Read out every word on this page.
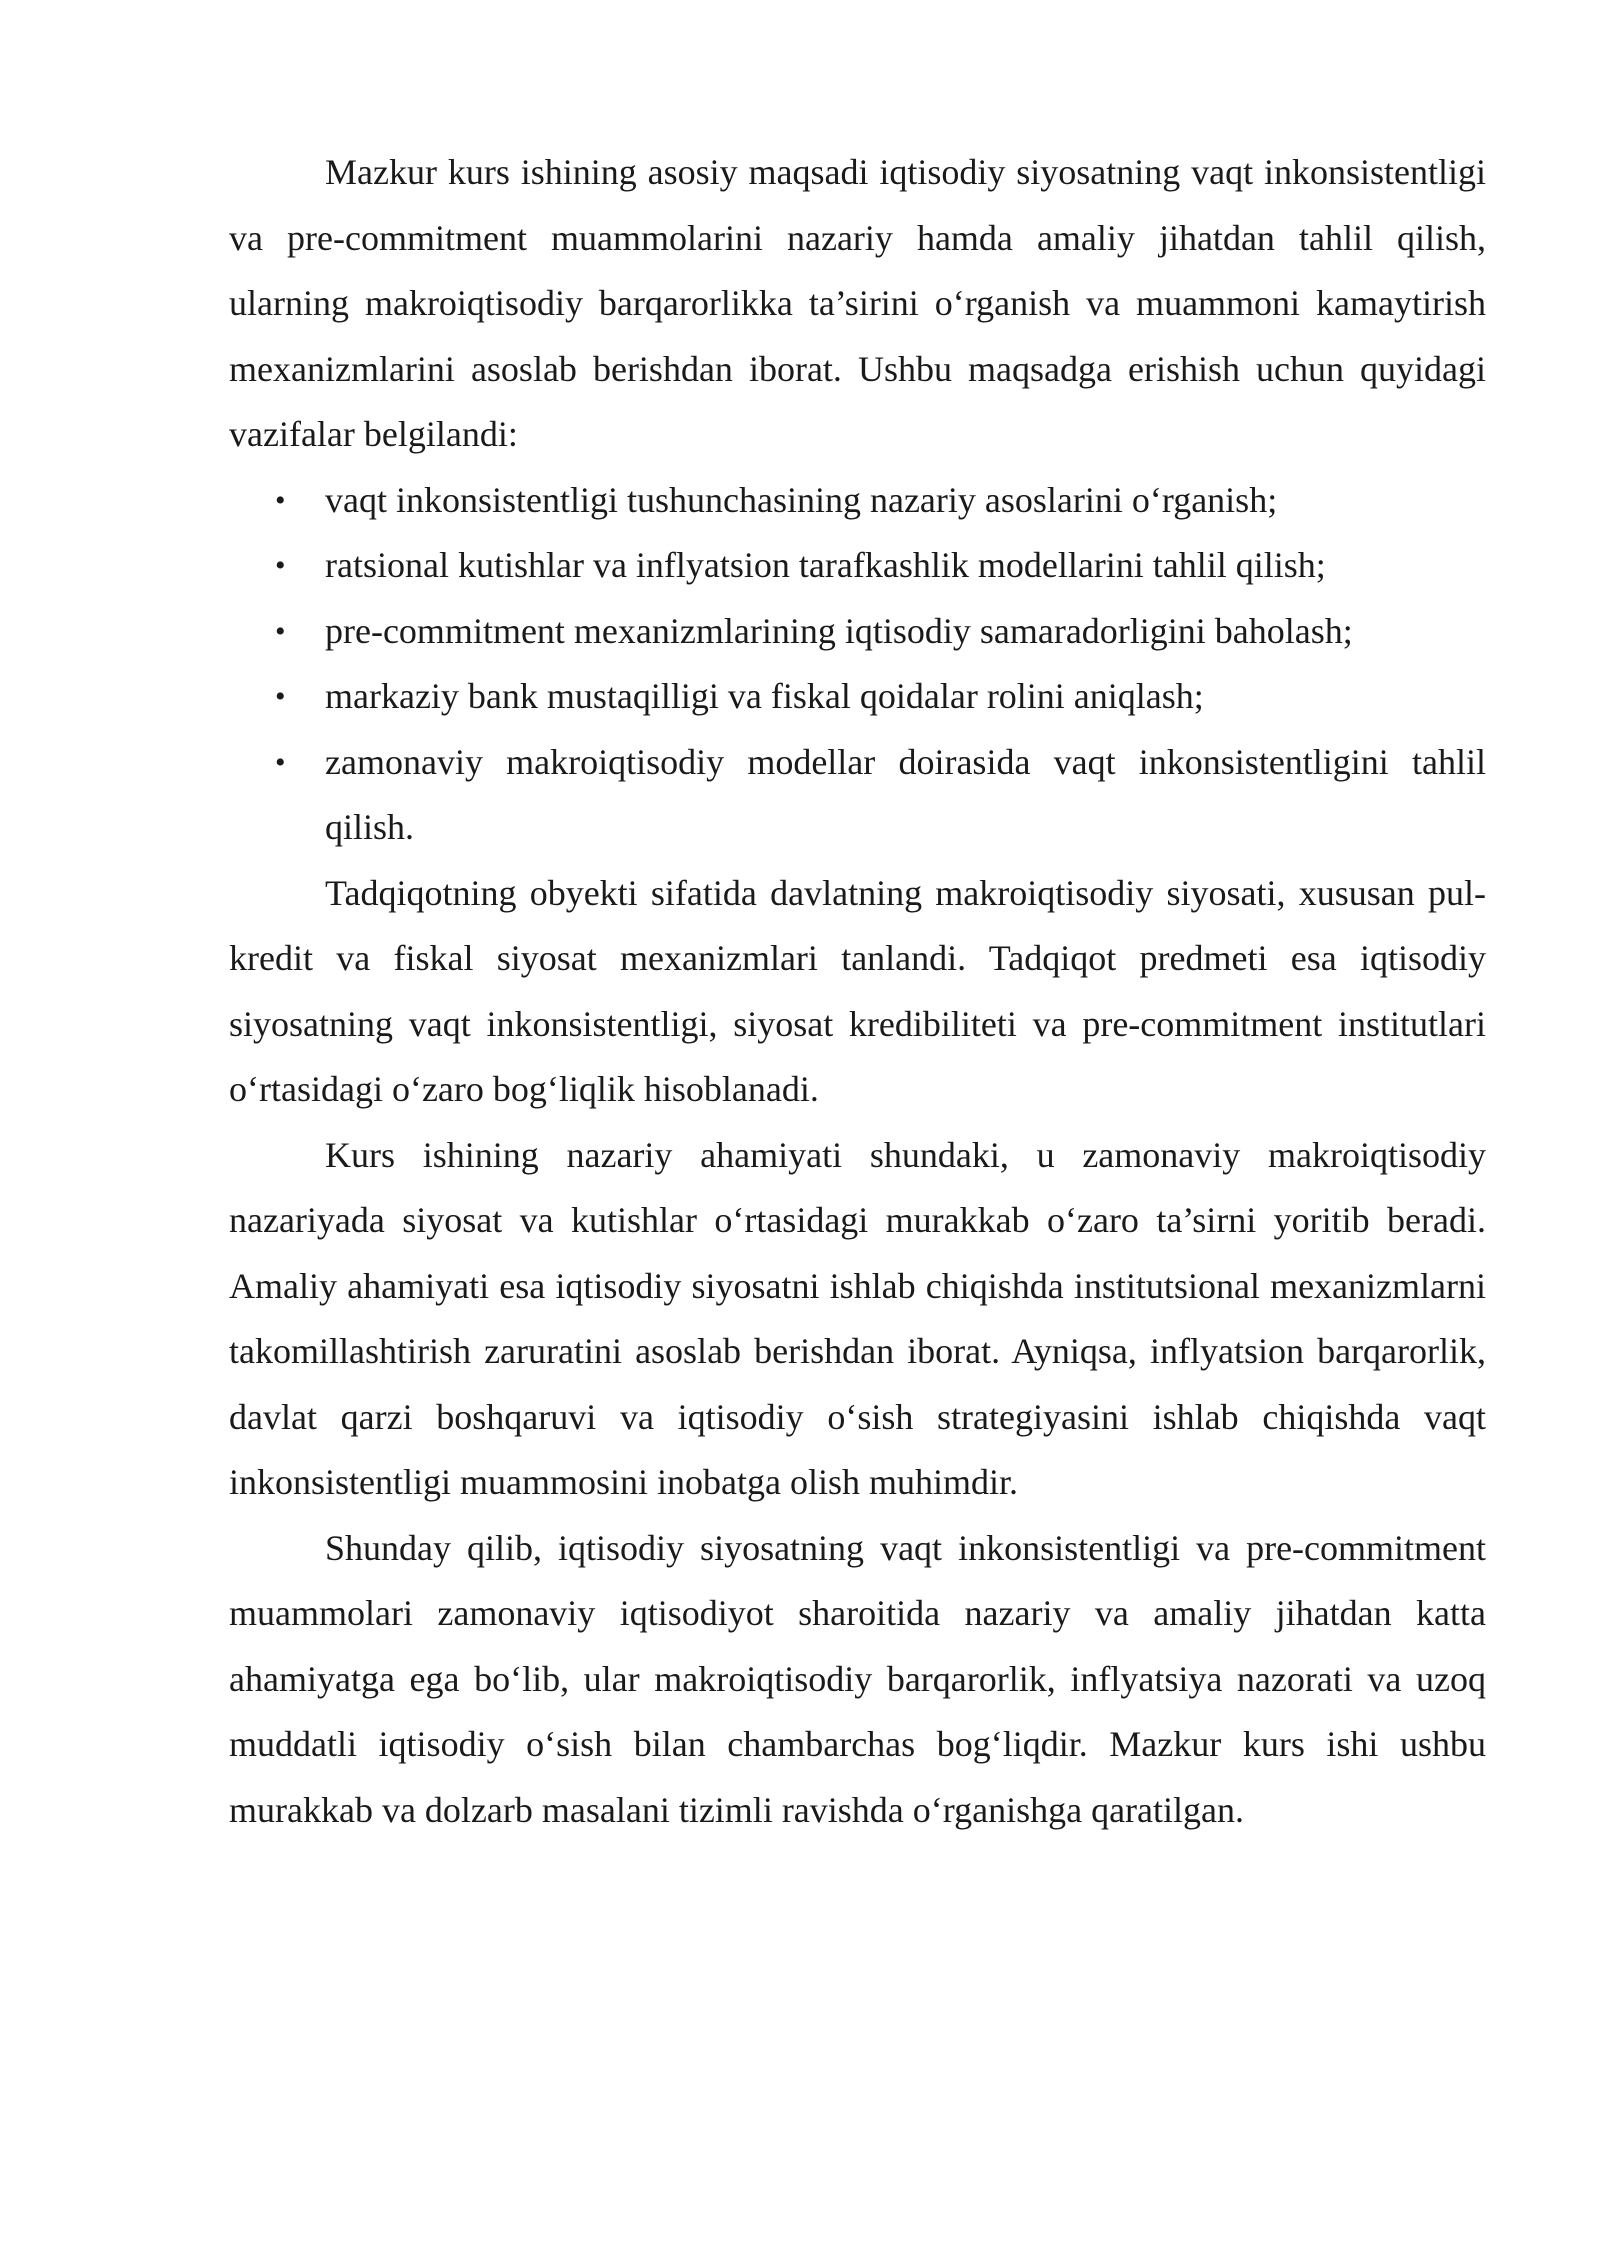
Mazkur kurs ishining asosiy maqsadi iqtisodiy siyosatning vaqt inkonsistentligi va pre-commitment muammolarini nazariy hamda amaliy jihatdan tahlil qilish, ularning makroiqtisodiy barqarorlikka ta’sirini o‘rganish va muammoni kamaytirish mexanizmlarini asoslab berishdan iborat. Ushbu maqsadga erishish uchun quyidagi vazifalar belgilandi:

• vaqt inkonsistentligi tushunchasining nazariy asoslarini o‘rganish;
• ratsional kutishlar va inflyatsion tarafkashlik modellarini tahlil qilish;
• pre-commitment mexanizmlarining iqtisodiy samaradorligini baholash;
• markaziy bank mustaqilligi va fiskal qoidalar rolini aniqlash;
• zamonaviy makroiqtisodiy modellar doirasida vaqt inkonsistentligini tahlil qilish.

Tadqiqotning obyekti sifatida davlatning makroiqtisodiy siyosati, xususan pul-kredit va fiskal siyosat mexanizmlari tanlandi. Tadqiqot predmeti esa iqtisodiy siyosatning vaqt inkonsistentligi, siyosat kredibiliteti va pre-commitment institutlari o‘rtasidagi o‘zaro bog‘liqlik hisoblanadi.

Kurs ishining nazariy ahamiyati shundaki, u zamonaviy makroiqtisodiy nazariyada siyosat va kutishlar o‘rtasidagi murakkab o‘zaro ta’sirni yoritib beradi. Amaliy ahamiyati esa iqtisodiy siyosatni ishlab chiqishda institutsional mexanizmlarni takomillashtirish zaruratini asoslab berishdan iborat. Ayniqsa, inflyatsion barqarorlik, davlat qarzi boshqaruvi va iqtisodiy o‘sish strategiyasini ishlab chiqishda vaqt inkonsistentligi muammosini inobatga olish muhimdir.

Shunday qilib, iqtisodiy siyosatning vaqt inkonsistentligi va pre-commitment muammolari zamonaviy iqtisodiyot sharoitida nazariy va amaliy jihatdan katta ahamiyatga ega bo‘lib, ular makroiqtisodiy barqarorlik, inflyatsiya nazorati va uzoq muddatli iqtisodiy o‘sish bilan chambarchas bog‘liqdir. Mazkur kurs ishi ushbu murakkab va dolzarb masalani tizimli ravishda o‘rganishga qaratilgan.
